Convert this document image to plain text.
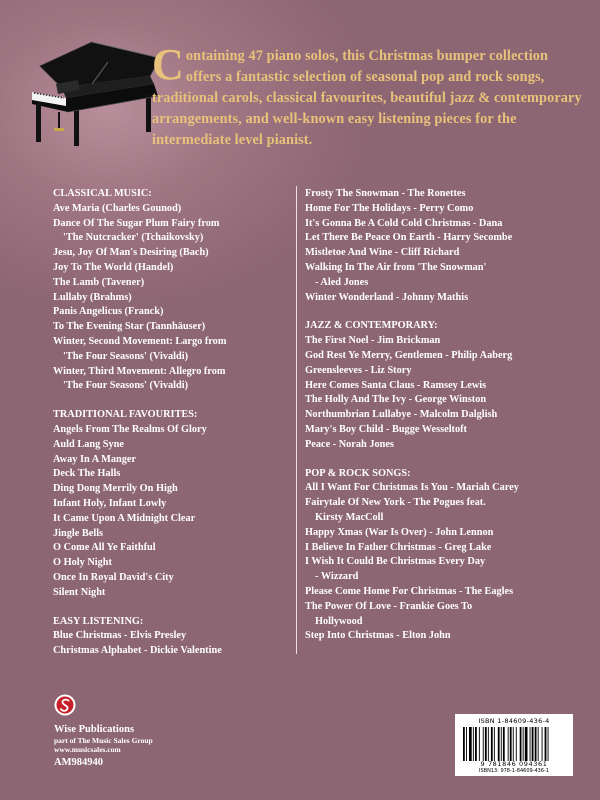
Containing 47 piano solos, this Christmas bumper collection offers a fantastic selection of seasonal pop and rock songs, traditional carols, classical favourites, beautiful jazz & contemporary arrangements, and well-known easy listening pieces for the intermediate level pianist.
CLASSICAL MUSIC:
Ave Maria (Charles Gounod)
Dance Of The Sugar Plum Fairy from
'The Nutcracker' (Tchaikovsky)
Jesu, Joy Of Man's Desiring (Bach)
Joy To The World (Handel)
The Lamb (Tavener)
Lullaby (Brahms)
Panis Angelicus (Franck)
To The Evening Star (Tannhäuser)
Winter, Second Movement: Largo from
'The Four Seasons' (Vivaldi)
Winter, Third Movement: Allegro from
'The Four Seasons' (Vivaldi)
TRADITIONAL FAVOURITES:
Angels From The Realms Of Glory
Auld Lang Syne
Away In A Manger
Deck The Halls
Ding Dong Merrily On High
Infant Holy, Infant Lowly
It Came Upon A Midnight Clear
Jingle Bells
O Come All Ye Faithful
O Holy Night
Once In Royal David's City
Silent Night
EASY LISTENING:
Blue Christmas - Elvis Presley
Christmas Alphabet - Dickie Valentine
Frosty The Snowman - The Ronettes
Home For The Holidays - Perry Como
It's Gonna Be A Cold Cold Christmas - Dana
Let There Be Peace On Earth - Harry Secombe
Mistletoe And Wine - Cliff Richard
Walking In The Air from 'The Snowman'
- Aled Jones
Winter Wonderland - Johnny Mathis
JAZZ & CONTEMPORARY:
The First Noel - Jim Brickman
God Rest Ye Merry, Gentlemen - Philip Aaberg
Greensleeves - Liz Story
Here Comes Santa Claus - Ramsey Lewis
The Holly And The Ivy - George Winston
Northumbrian Lullabye - Malcolm Dalglish
Mary's Boy Child - Bugge Wesseltoft
Peace - Norah Jones
POP & ROCK SONGS:
All I Want For Christmas Is You - Mariah Carey
Fairytale Of New York - The Pogues feat.
Kirsty MacColl
Happy Xmas (War Is Over) - John Lennon
I Believe In Father Christmas - Greg Lake
I Wish It Could Be Christmas Every Day
- Wizzard
Please Come Home For Christmas - The Eagles
The Power Of Love - Frankie Goes To
Hollywood
Step Into Christmas - Elton John
Wise Publications
part of The Music Sales Group
www.musicsales.com
AM984940
ISBN 1-84609-436-4
9 781846 094361
ISBN13: 978-1-84609-436-1
